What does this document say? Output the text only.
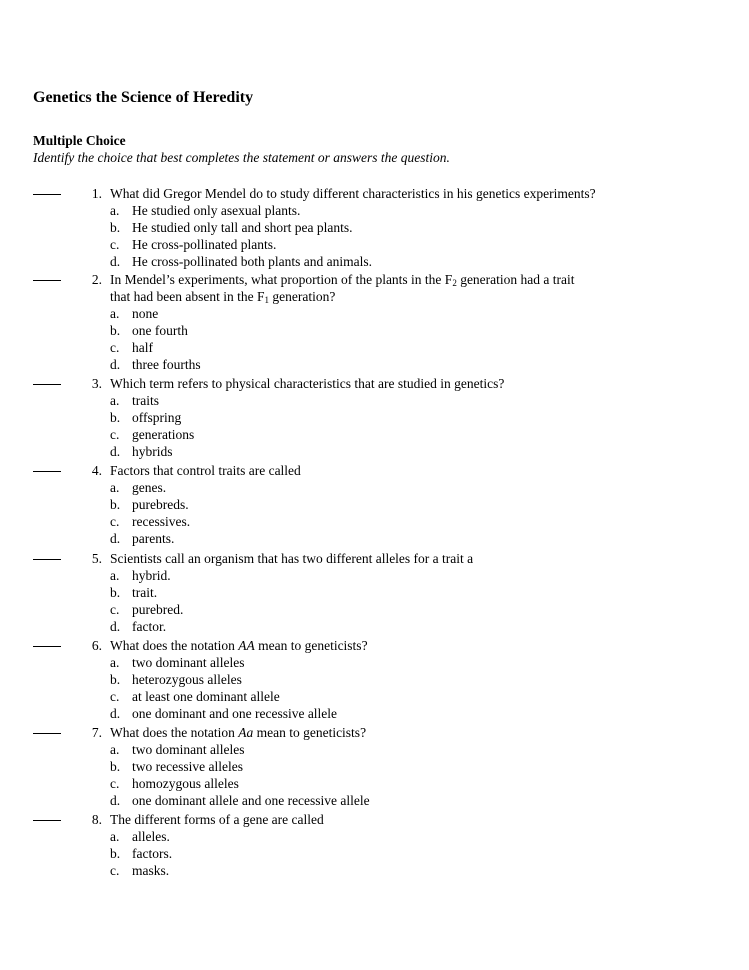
Genetics the Science of Heredity
Multiple Choice

Identify the choice that best completes the statement or answers the question.

1. What did Gregor Mendel do to study different characteristics in his genetics experiments?
a. He studied only asexual plants.
b. He studied only tall and short pea plants.
c. He cross-pollinated plants.
d. He cross-pollinated both plants and animals.
2. In Mendel’s experiments, what proportion of the plants in the $F_2$ generation had a trait
that had been absent in the $F_1$ generation?
a. none
b. one fourth
c. half
d. three fourths
3. Which term refers to physical characteristics that are studied in genetics?
a. traits
b. offspring
c. generations
d. hybrids
4. Factors that control traits are called
a. genes.
b. purebreds.
c. recessives.
d. parents.
5. Scientists call an organism that has two different alleles for a trait a
a. hybrid.
b. trait.
c. purebred.
d. factor.
6. What does the notation AA mean to geneticists?
a. two dominant alleles
b. heterozygous alleles
c. at least one dominant allele
d. one dominant and one recessive allele
7. What does the notation Aa mean to geneticists?
a. two dominant alleles
b. two recessive alleles
c. homozygous alleles
d. one dominant allele and one recessive allele
8. The different forms of a gene are called
a. alleles.
b. factors.
c. masks.
